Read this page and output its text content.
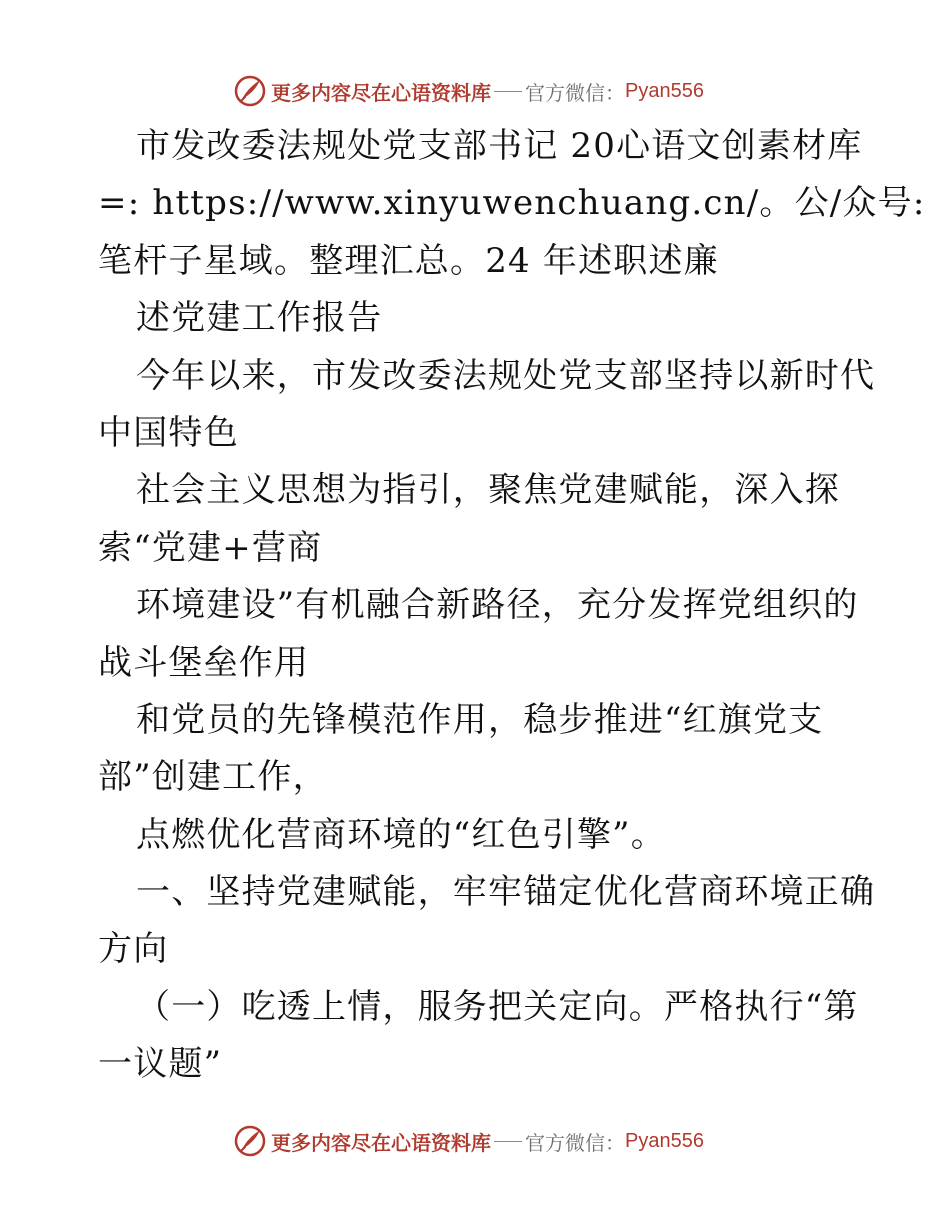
更多内容尽在心语资料库 官方微信： Pyan556
市发改委法规处党支部书记 20心语文创素材库
=: https://www.xinyuwenchuang.cn/。公/众号:
笔杆子星域。整理汇总。24 年述职述廉
述党建工作报告
今年以来，市发改委法规处党支部坚持以新时代
中国特色
社会主义思想为指引，聚焦党建赋能，深入探
索“党建+营商
环境建设”有机融合新路径，充分发挥党组织的
战斗堡垒作用
和党员的先锋模范作用，稳步推进“红旗党支
部”创建工作，
点燃优化营商环境的“红色引擎”。
一、坚持党建赋能，牢牢锚定优化营商环境正确
方向
（一）吃透上情，服务把关定向。严格执行“第
一议题”
更多内容尽在心语资料库 官方微信： Pyan556
